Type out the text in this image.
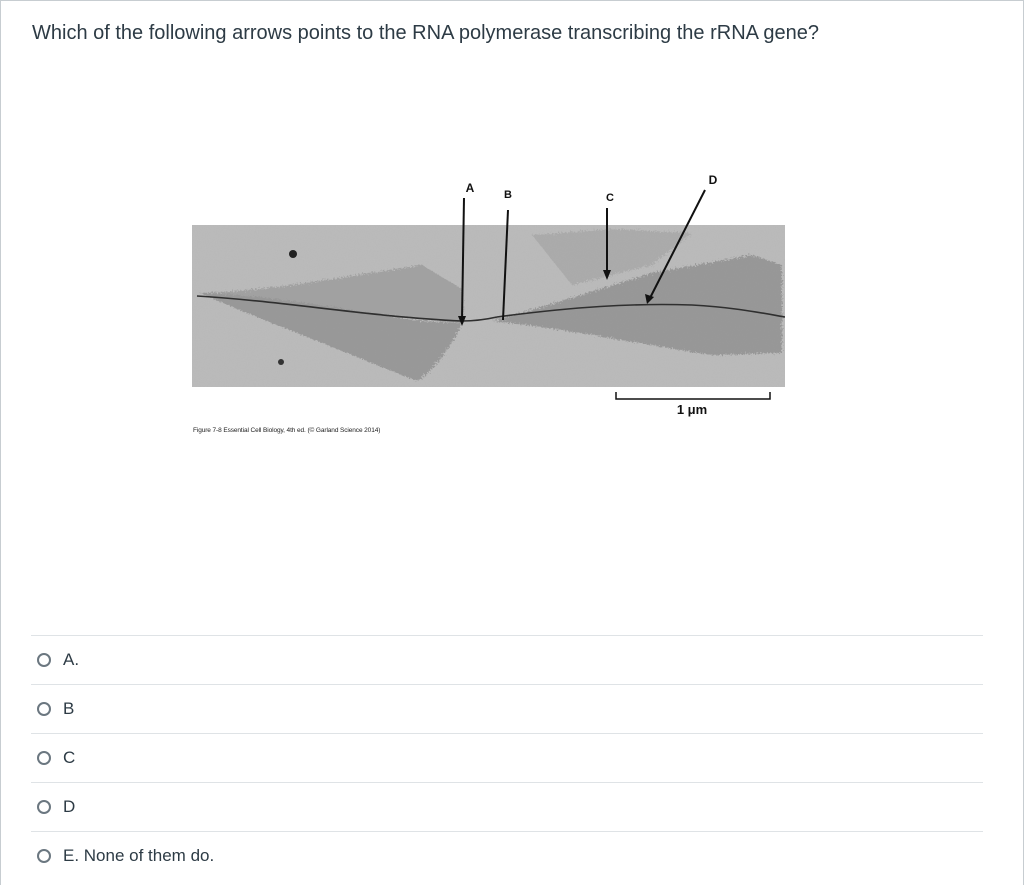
Which of the following arrows points to the RNA polymerase transcribing the rRNA gene?
A	B	C
D
1 μm
Figure 7-8 Essential Cell Biology, 4th ed. (© Garland Science 2014)
A.
B
C
D
E. None of them do.
